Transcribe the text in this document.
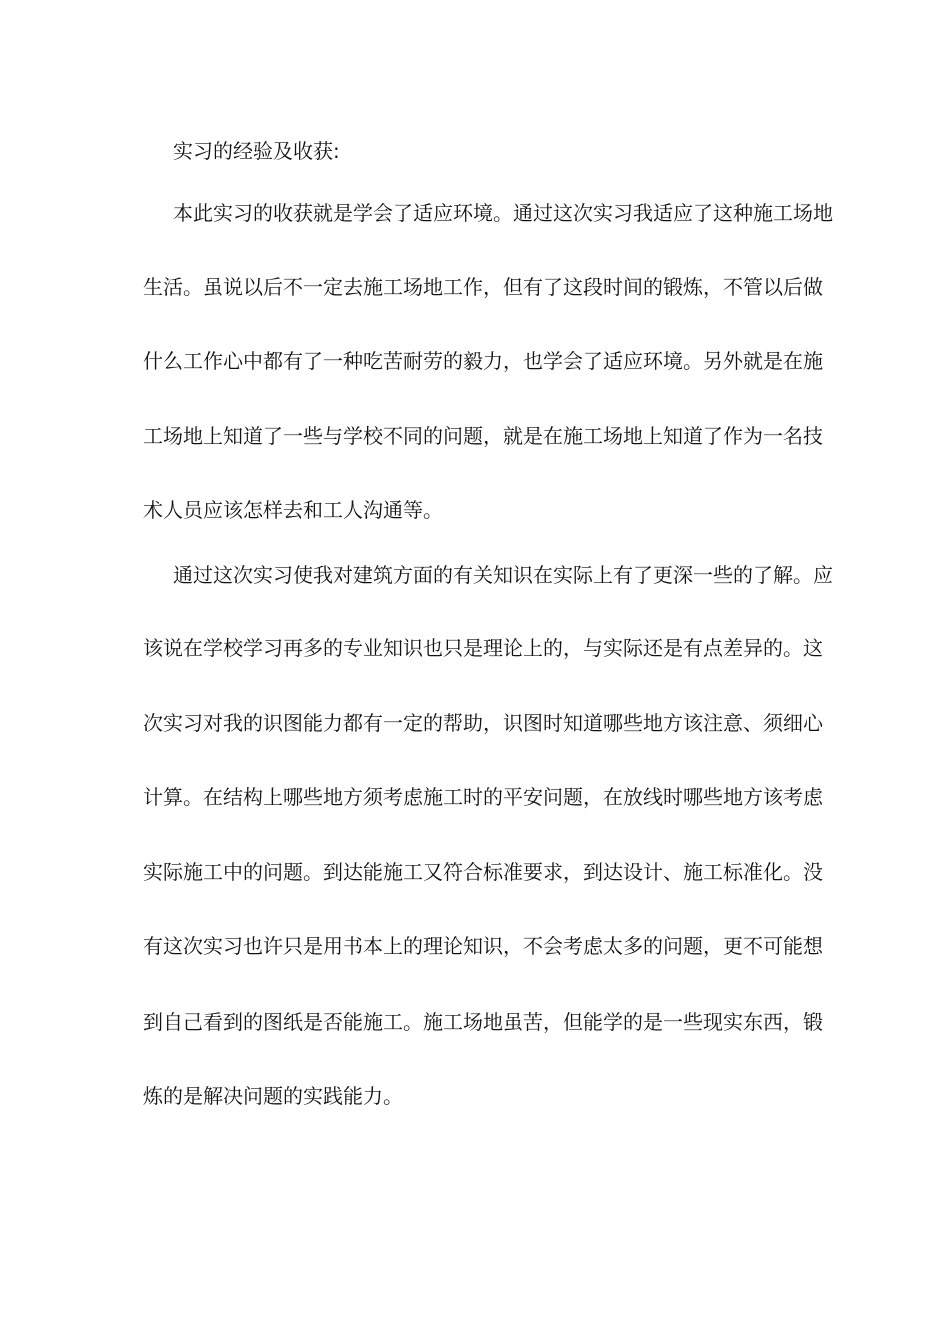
实习的经验及收获:

本此实习的收获就是学会了适应环境。通过这次实习我适应了这种施工场地

生活。虽说以后不一定去施工场地工作，但有了这段时间的锻炼，不管以后做

什么工作心中都有了一种吃苦耐劳的毅力，也学会了适应环境。另外就是在施

工场地上知道了一些与学校不同的问题，就是在施工场地上知道了作为一名技

术人员应该怎样去和工人沟通等。

通过这次实习使我对建筑方面的有关知识在实际上有了更深一些的了解。应

该说在学校学习再多的专业知识也只是理论上的，与实际还是有点差异的。这

次实习对我的识图能力都有一定的帮助，识图时知道哪些地方该注意、须细心

计算。在结构上哪些地方须考虑施工时的平安问题，在放线时哪些地方该考虑

实际施工中的问题。到达能施工又符合标准要求，到达设计、施工标准化。没

有这次实习也许只是用书本上的理论知识，不会考虑太多的问题，更不可能想

到自己看到的图纸是否能施工。施工场地虽苦，但能学的是一些现实东西，锻

炼的是解决问题的实践能力。
